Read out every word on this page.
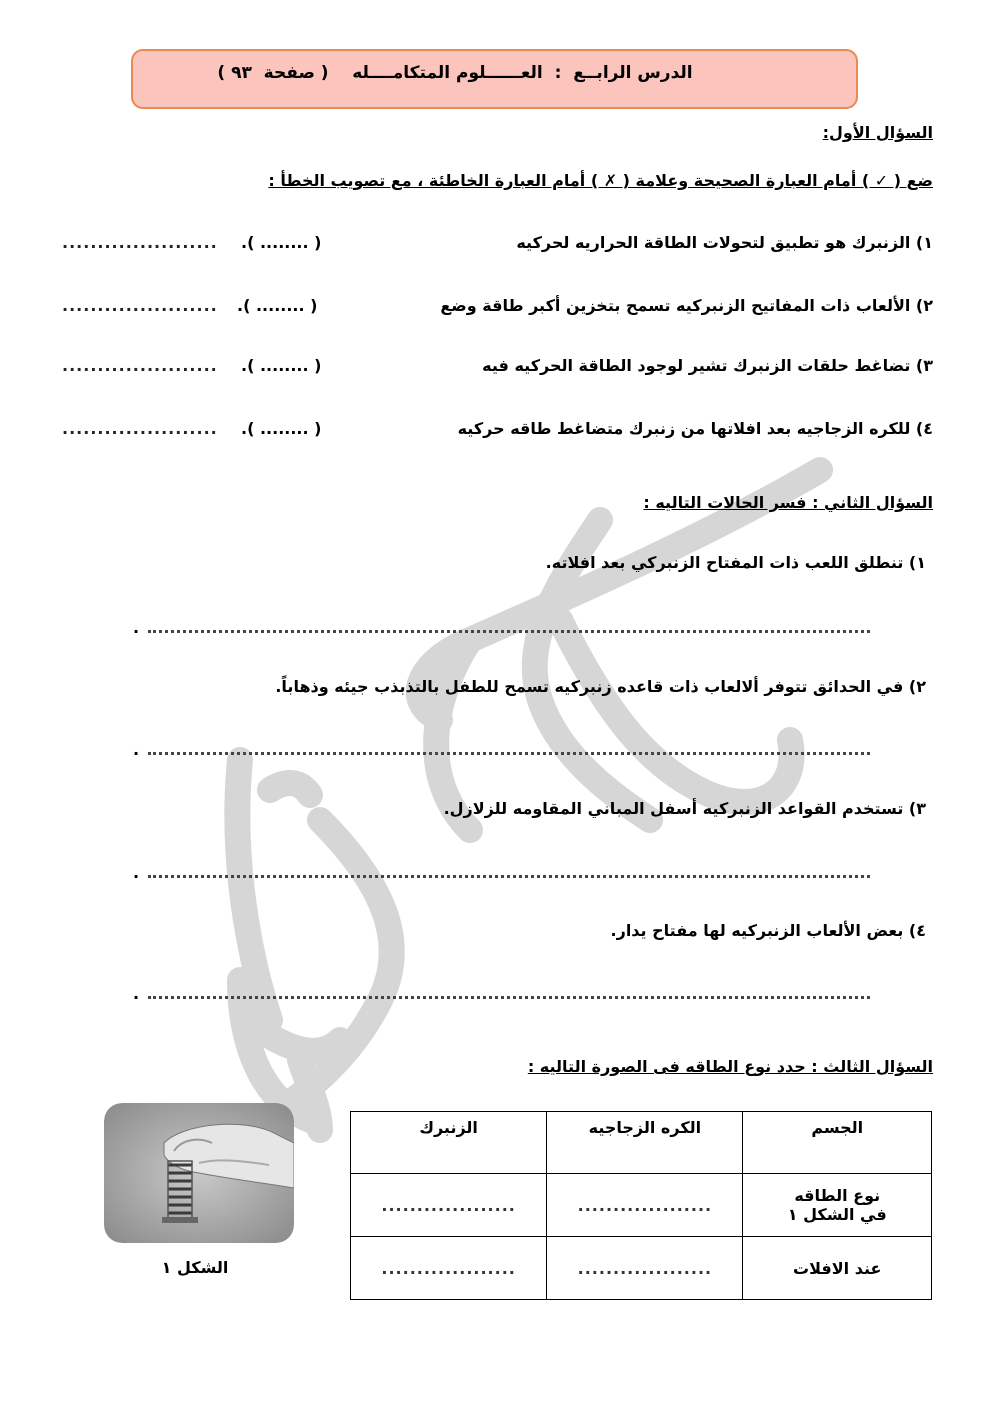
الدرس الرابــع  :  العــــــلوم المتكامــــله    ( صفحة  ٩٣ )
السؤال الأول:
ضع ( ✓ ) أمام العبارة الصحيحة وعلامة ( ✗ ) أمام العبارة الخاطئة ، مع تصويب الخطأ :
١) الزنبرك هو تطبيق لتحولات الطاقة الحراريه لحركيه
( ........ ).
......................
٢) الألعاب ذات المفاتيح الزنبركيه تسمح بتخزين أكبر طاقة وضع
( ........ ).
......................
٣) تضاغط حلقات الزنبرك تشير لوجود الطاقة الحركيه فيه
( ........ ).
......................
٤) للكره الزجاجيه بعد افلاتها من زنبرك متضاغط طاقه حركيه
( ........ ).
......................
السؤال الثاني : فسر الحالات التاليه :
١) تنطلق اللعب ذات المفتاح الزنبركي بعد افلاته.
.
٢) في الحدائق تتوفر ألالعاب ذات قاعده زنبركيه تسمح للطفل بالتذبذب جيئه وذهاباً.
.
٣) تستخدم القواعد الزنبركيه أسفل المباني المقاومه للزلازل.
.
٤) بعض الألعاب الزنبركيه لها مفتاح يدار.
.
السؤال الثالث : حدد نوع الطاقه فى الصورة التاليه :
الجسم	الكره الزجاجيه	الزنبرك

نوع الطاقه
في الشكل ١	...................	...................
عند الافلات	...................	...................
الشكل ١
